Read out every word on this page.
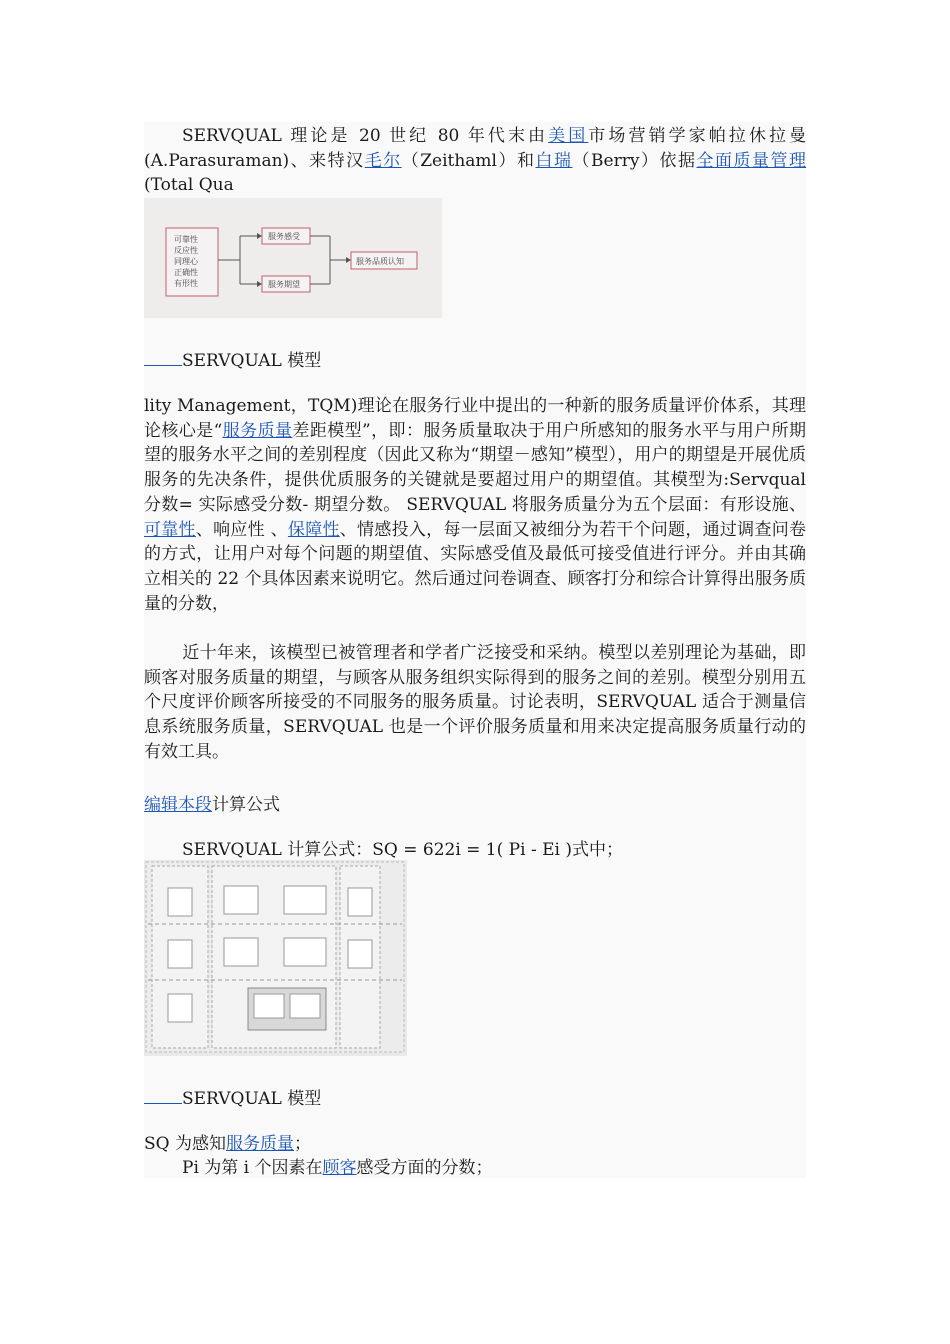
SERVQUAL 理论是 20 世纪 80 年代末由美国市场营销学家帕拉休拉曼(A.Parasuraman)、来特汉毛尔（Zeithaml）和白瑞（Berry）依据全面质量管理(Total Qua

可靠性 反应性 同理心 正确性 有形性
服务感受
服务期望
服务品质认知
SERVQUAL 模型

lity Management，TQM)理论在服务行业中提出的一种新的服务质量评价体系，其理论核心是“服务质量差距模型”，即：服务质量取决于用户所感知的服务水平与用户所期望的服务水平之间的差别程度（因此又称为“期望－感知”模型），用户的期望是开展优质服务的先决条件，提供优质服务的关键就是要超过用户的期望值。其模型为:Servqual 分数= 实际感受分数- 期望分数。 SERVQUAL 将服务质量分为五个层面：有形设施、可靠性、响应性 、保障性、情感投入，每一层面又被细分为若干个问题，通过调查问卷的方式，让用户对每个问题的期望值、实际感受值及最低可接受值进行评分。并由其确立相关的 22 个具体因素来说明它。然后通过问卷调查、顾客打分和综合计算得出服务质量的分数，

近十年来，该模型已被管理者和学者广泛接受和采纳。模型以差别理论为基础，即顾客对服务质量的期望，与顾客从服务组织实际得到的服务之间的差别。模型分别用五个尺度评价顾客所接受的不同服务的服务质量。讨论表明，SERVQUAL 适合于测量信息系统服务质量，SERVQUAL 也是一个评价服务质量和用来决定提高服务质量行动的有效工具。

编辑本段计算公式

SERVQUAL 计算公式：SQ = 622i = 1( Pi - Ei )式中；

SERVQUAL 模型

SQ 为感知服务质量；

Pi 为第 i 个因素在顾客感受方面的分数；
